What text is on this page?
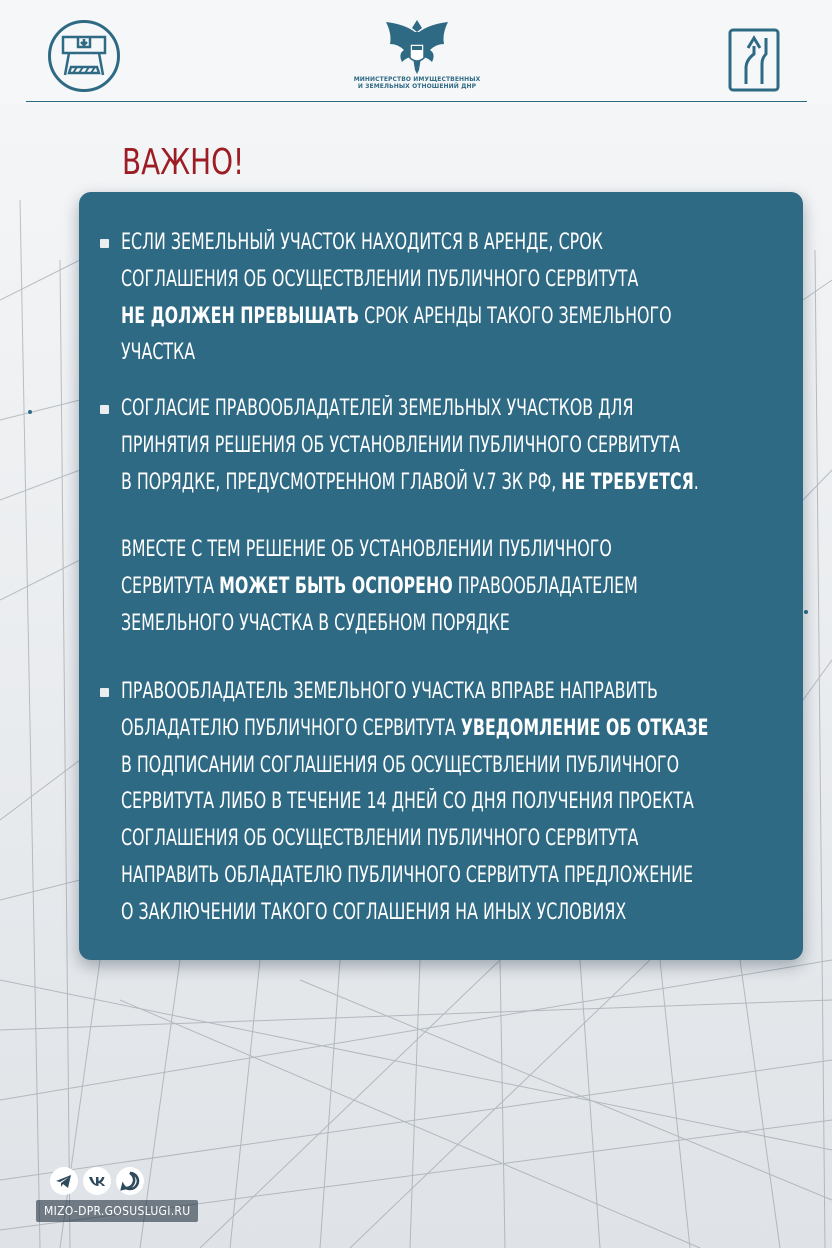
МИНИСТЕРСТВО ИМУЩЕСТВЕННЫХ
И ЗЕМЕЛЬНЫХ ОТНОШЕНИЙ ДНР
ВАЖНО!
ЕСЛИ ЗЕМЕЛЬНЫЙ УЧАСТОК НАХОДИТСЯ В АРЕНДЕ, СРОК
СОГЛАШЕНИЯ ОБ ОСУЩЕСТВЛЕНИИ ПУБЛИЧНОГО СЕРВИТУТА
НЕ ДОЛЖЕН ПРЕВЫШАТЬ СРОК АРЕНДЫ ТАКОГО ЗЕМЕЛЬНОГО
УЧАСТКА
СОГЛАСИЕ ПРАВООБЛАДАТЕЛЕЙ ЗЕМЕЛЬНЫХ УЧАСТКОВ ДЛЯ
ПРИНЯТИЯ РЕШЕНИЯ ОБ УСТАНОВЛЕНИИ ПУБЛИЧНОГО СЕРВИТУТА
В ПОРЯДКЕ, ПРЕДУСМОТРЕННОМ ГЛАВОЙ V.7 ЗК РФ, НЕ ТРЕБУЕТСЯ.
ВМЕСТЕ С ТЕМ РЕШЕНИЕ ОБ УСТАНОВЛЕНИИ ПУБЛИЧНОГО
СЕРВИТУТА МОЖЕТ БЫТЬ ОСПОРЕНО ПРАВООБЛАДАТЕЛЕМ
ЗЕМЕЛЬНОГО УЧАСТКА В СУДЕБНОМ ПОРЯДКЕ
ПРАВООБЛАДАТЕЛЬ ЗЕМЕЛЬНОГО УЧАСТКА ВПРАВЕ НАПРАВИТЬ
ОБЛАДАТЕЛЮ ПУБЛИЧНОГО СЕРВИТУТА УВЕДОМЛЕНИЕ ОБ ОТКАЗЕ
В ПОДПИСАНИИ СОГЛАШЕНИЯ ОБ ОСУЩЕСТВЛЕНИИ ПУБЛИЧНОГО
СЕРВИТУТА ЛИБО В ТЕЧЕНИЕ 14 ДНЕЙ СО ДНЯ ПОЛУЧЕНИЯ ПРОЕКТА
СОГЛАШЕНИЯ ОБ ОСУЩЕСТВЛЕНИИ ПУБЛИЧНОГО СЕРВИТУТА
НАПРАВИТЬ ОБЛАДАТЕЛЮ ПУБЛИЧНОГО СЕРВИТУТА ПРЕДЛОЖЕНИЕ
О ЗАКЛЮЧЕНИИ ТАКОГО СОГЛАШЕНИЯ НА ИНЫХ УСЛОВИЯХ
MIZO-DPR.GOSUSLUGI.RU
